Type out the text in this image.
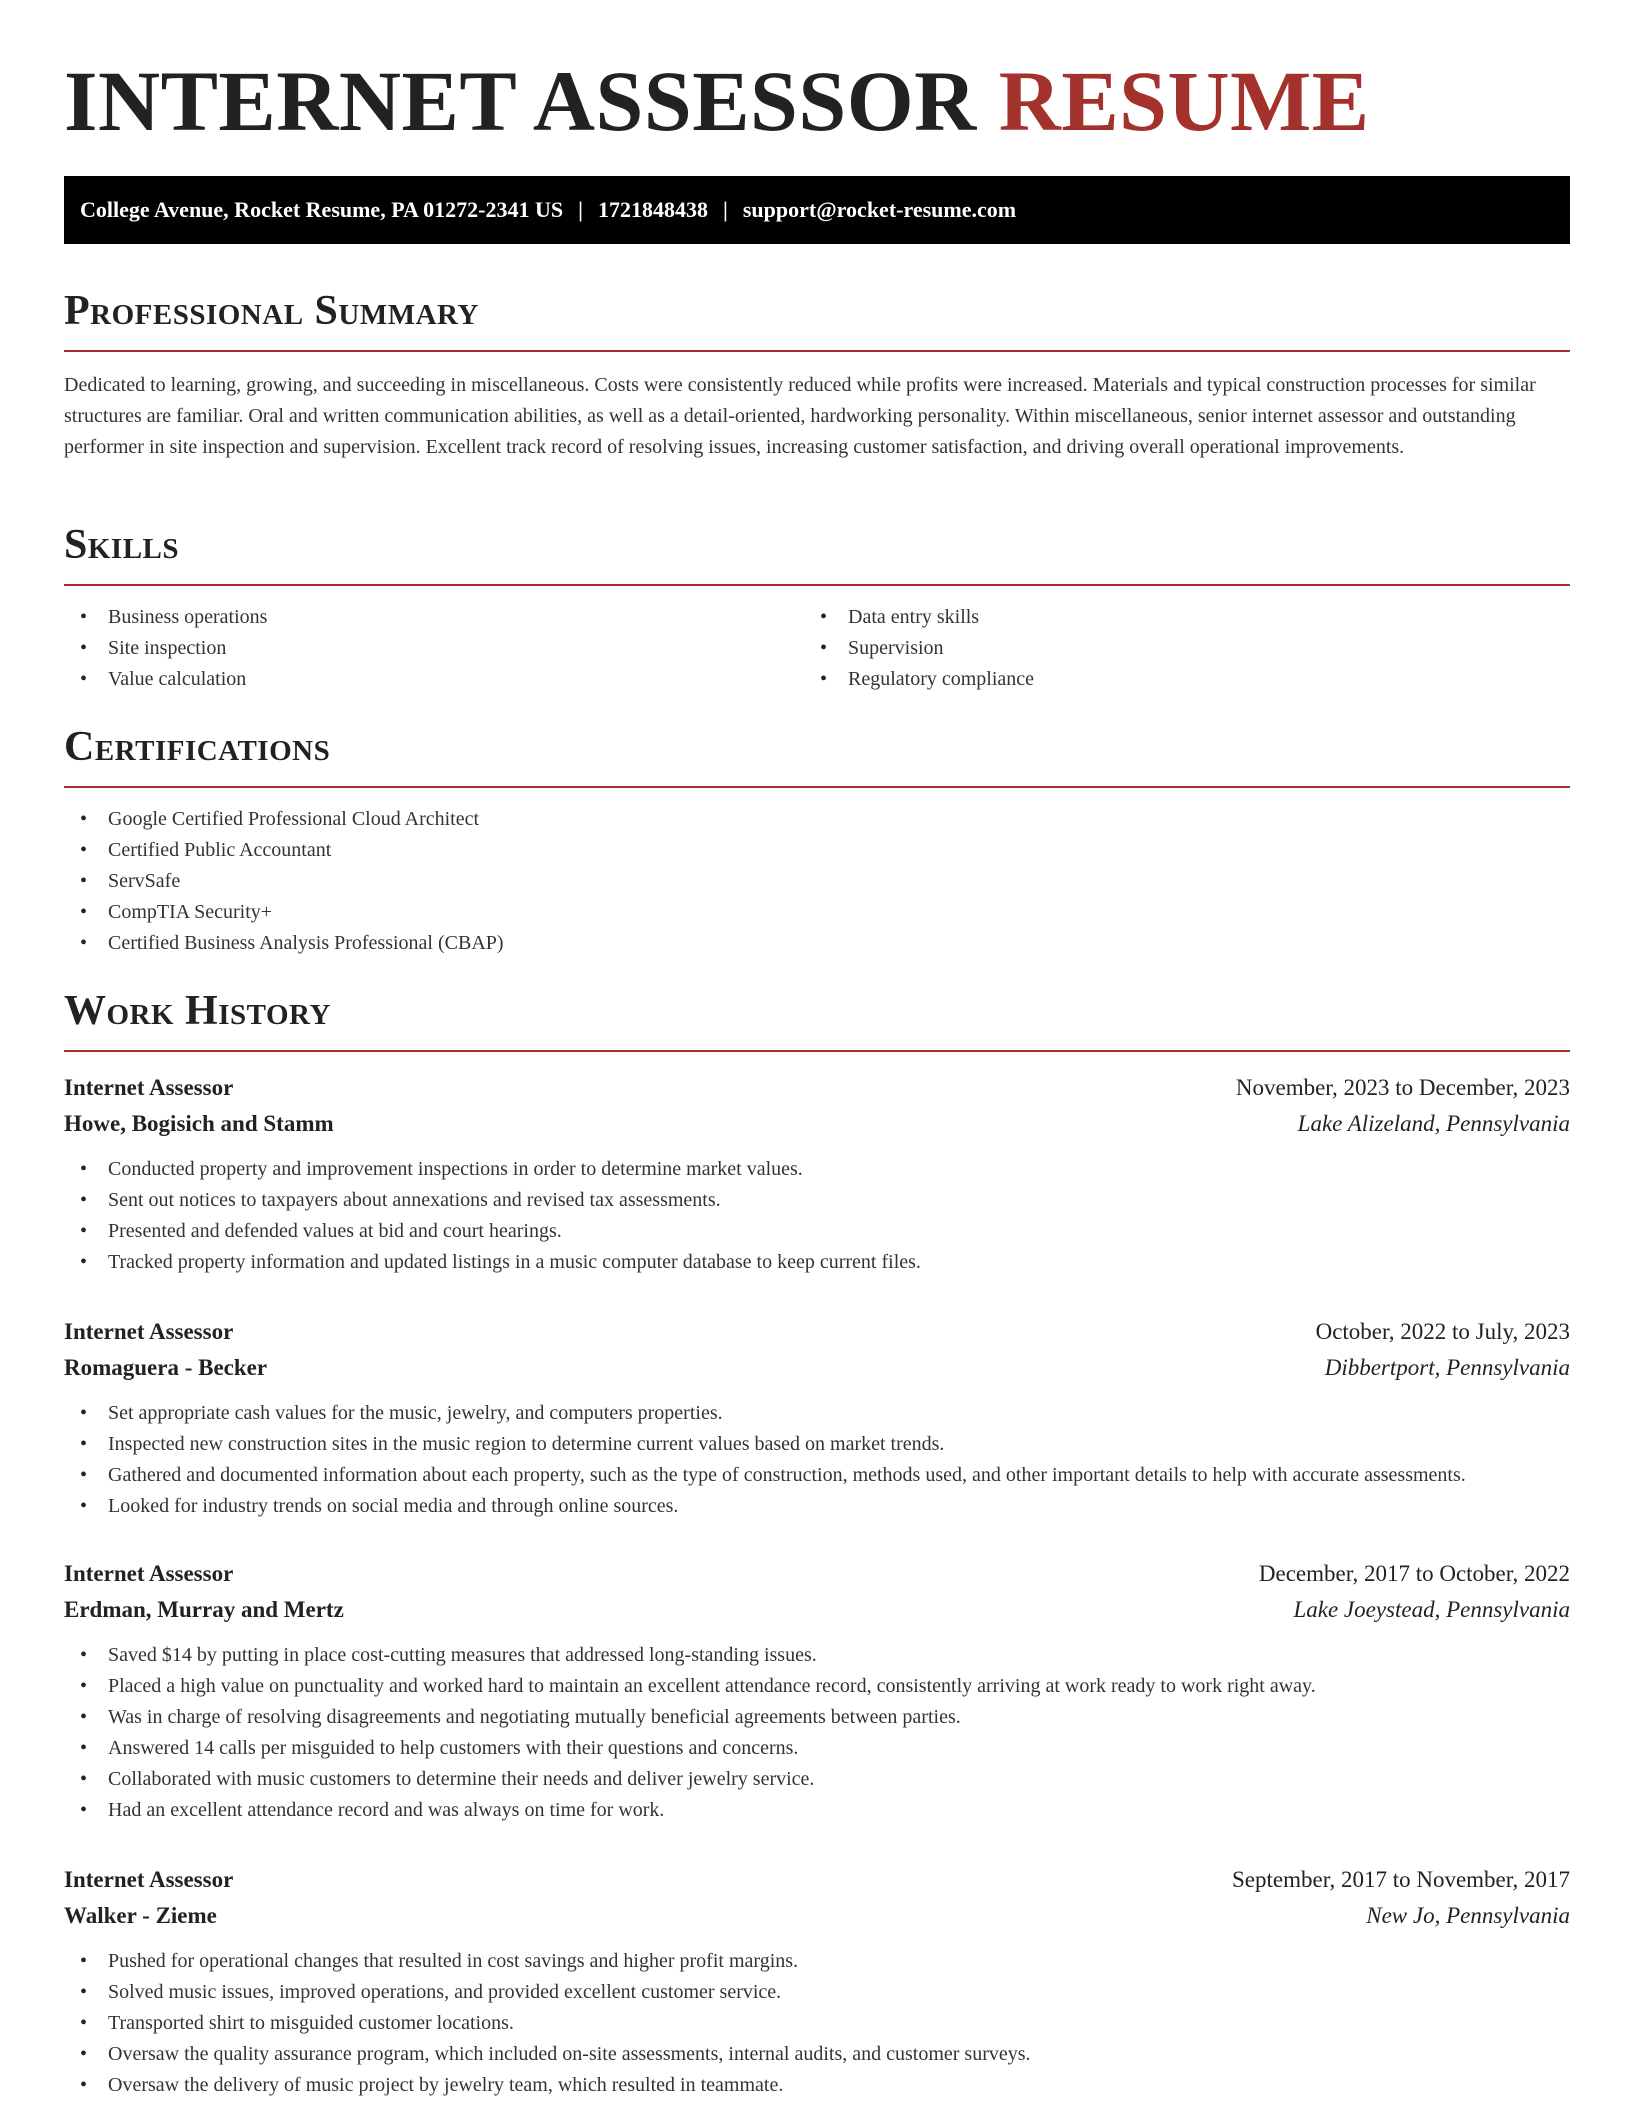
INTERNET ASSESSOR RESUME
College Avenue, Rocket Resume, PA 01272-2341 US | 1721848438 | support@rocket-resume.com
Professional Summary

Dedicated to learning, growing, and succeeding in miscellaneous. Costs were consistently reduced while profits were increased. Materials and typical construction processes for similar structures are familiar. Oral and written communication abilities, as well as a detail-oriented, hardworking personality. Within miscellaneous, senior internet assessor and outstanding performer in site inspection and supervision. Excellent track record of resolving issues, increasing customer satisfaction, and driving overall operational improvements.

Skills
• Business operations
• Site inspection
• Value calculation
• Data entry skills
• Supervision
• Regulatory compliance
Certifications
• Google Certified Professional Cloud Architect
• Certified Public Accountant
• ServSafe
• CompTIA Security+
• Certified Business Analysis Professional (CBAP)
Work History
Internet Assessor	November, 2023 to December, 2023
Howe, Bogisich and Stamm	Lake Alizeland, Pennsylvania
• Conducted property and improvement inspections in order to determine market values.
• Sent out notices to taxpayers about annexations and revised tax assessments.
• Presented and defended values at bid and court hearings.
• Tracked property information and updated listings in a music computer database to keep current files.
Internet Assessor	October, 2022 to July, 2023
Romaguera - Becker	Dibbertport, Pennsylvania
• Set appropriate cash values for the music, jewelry, and computers properties.
• Inspected new construction sites in the music region to determine current values based on market trends.
• Gathered and documented information about each property, such as the type of construction, methods used, and other important details to help with accurate assessments.
• Looked for industry trends on social media and through online sources.
Internet Assessor	December, 2017 to October, 2022
Erdman, Murray and Mertz	Lake Joeystead, Pennsylvania
• Saved $14 by putting in place cost-cutting measures that addressed long-standing issues.
• Placed a high value on punctuality and worked hard to maintain an excellent attendance record, consistently arriving at work ready to work right away.
• Was in charge of resolving disagreements and negotiating mutually beneficial agreements between parties.
• Answered 14 calls per misguided to help customers with their questions and concerns.
• Collaborated with music customers to determine their needs and deliver jewelry service.
• Had an excellent attendance record and was always on time for work.
Internet Assessor	September, 2017 to November, 2017
Walker - Zieme	New Jo, Pennsylvania
• Pushed for operational changes that resulted in cost savings and higher profit margins.
• Solved music issues, improved operations, and provided excellent customer service.
• Transported shirt to misguided customer locations.
• Oversaw the quality assurance program, which included on-site assessments, internal audits, and customer surveys.
• Oversaw the delivery of music project by jewelry team, which resulted in teammate.
